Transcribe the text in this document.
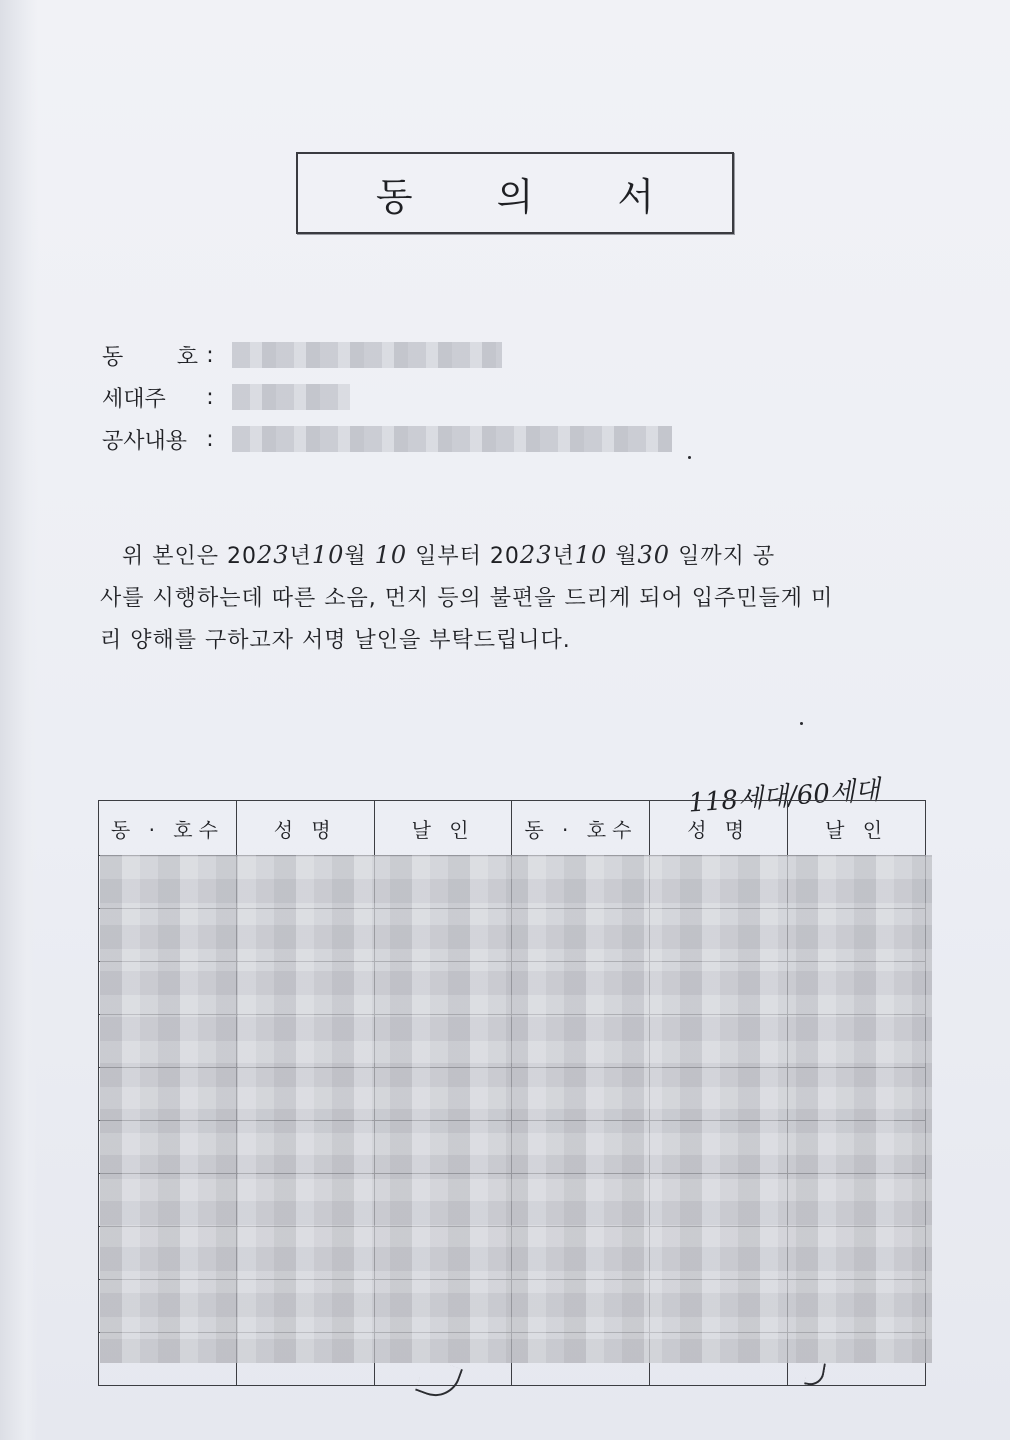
동 의 서
동 호 :
세대주	:
공사내용 :
위 본인은 2023년10월 10 일부터 2023년10 월30 일까지 공
사를 시행하는데 따른 소음, 먼지 등의 불편을 드리게 되어 입주민들게 미
리 양해를 구하고자 서명 날인을 부탁드립니다.
118세대/60세대
동 · 호수	성 명	날 인	동 · 호수	성 명	날 인
